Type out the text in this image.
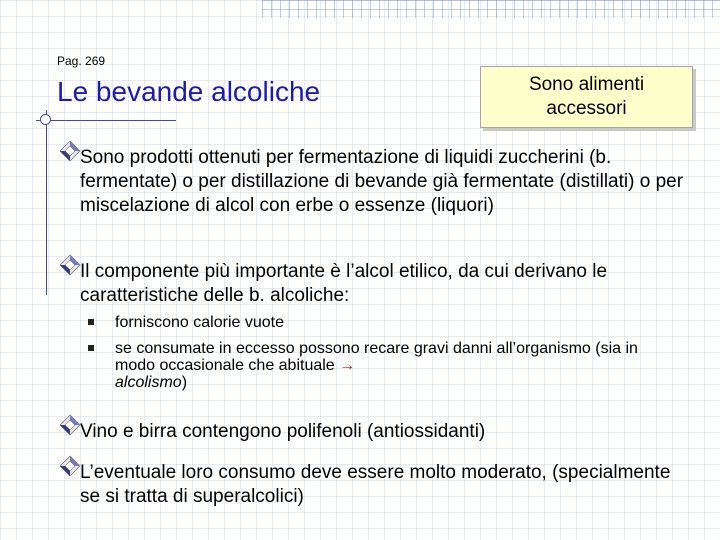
Pag. 269
Le bevande alcoliche	Sono alimenti accessori
Sono prodotti ottenuti per fermentazione di liquidi zuccherini (b. fermentate) o per distillazione di bevande già fermentate (distillati) o per miscelazione di alcol con erbe o essenze (liquori)
Il componente più importante è l’alcol etilico, da cui derivano le caratteristiche delle b. alcoliche:
forniscono calorie vuote
se consumate in eccesso possono recare gravi danni all’organismo (sia in modo occasionale che abituale →
alcolismo)
Vino e birra contengono polifenoli (antiossidanti)
L’eventuale loro consumo deve essere molto moderato, (specialmente se si tratta di superalcolici)
